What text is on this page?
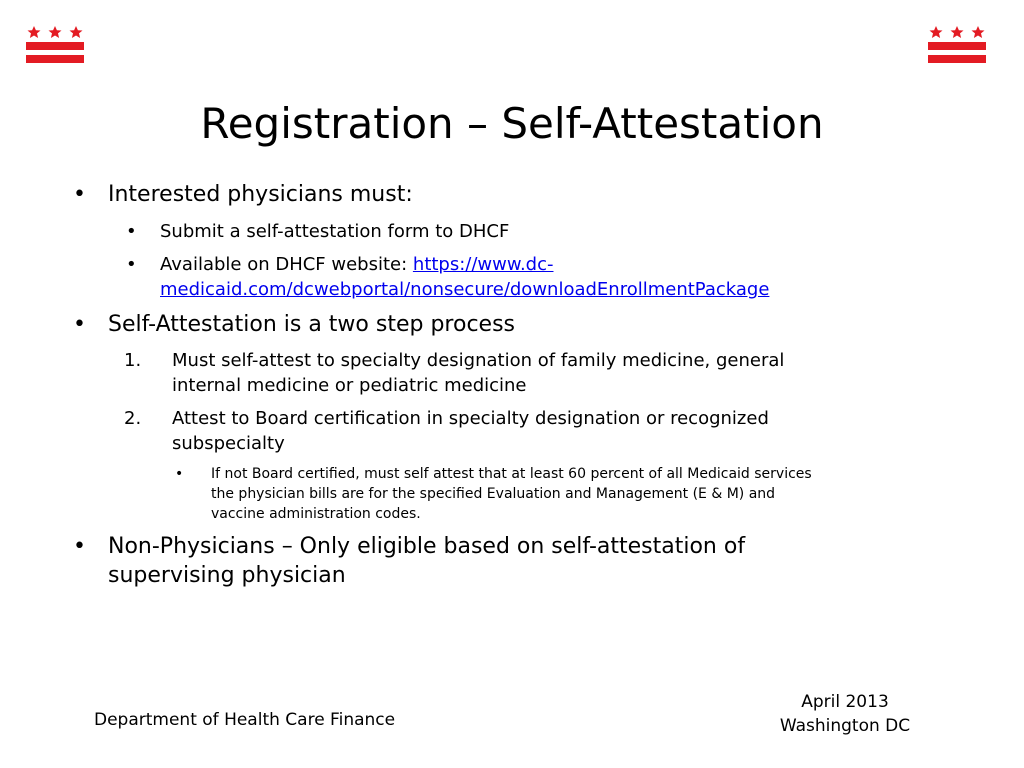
Registration – Self-Attestation
• Interested physicians must:
• Submit a self-attestation form to DHCF
• Available on DHCF website: https://www.dc-
medicaid.com/dcwebportal/nonsecure/downloadEnrollmentPackage
• Self-Attestation is a two step process
1. Must self-attest to specialty designation of family medicine, general
internal medicine or pediatric medicine
2. Attest to Board certification in specialty designation or recognized
subspecialty
• If not Board certified, must self attest that at least 60 percent of all Medicaid services
the physician bills are for the specified Evaluation and Management (E & M) and
vaccine administration codes.
• Non-Physicians – Only eligible based on self-attestation of
supervising physician
Department of Health Care Finance
April 2013
Washington DC
